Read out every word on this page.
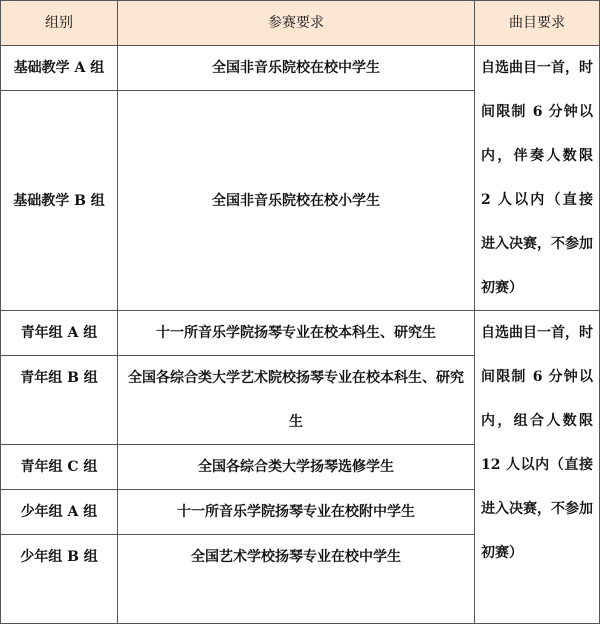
组别	参赛要求	曲目要求
基础教学 A 组	全国非音乐院校在校中学生	自选曲目一首，时间限制 6 分钟以内，伴奏人数限 2 人以内（直接进入决赛，不参加初赛）

基础教学 B 组	全国非音乐院校在校小学生	
青年组 A 组	十一所音乐学院扬琴专业在校本科生、研究生	自选曲目一首，时间限制 6 分钟以内，组合人数限 12 人以内（直接进入决赛，不参加初赛）

青年组 B 组	全国各综合类大学艺术院校扬琴专业在校本科生、研究生	
青年组 C 组	全国各综合类大学扬琴选修学生	
少年组 A 组	十一所音乐学院扬琴专业在校附中学生	
少年组 B 组	全国艺术学校扬琴专业在校中学生	
